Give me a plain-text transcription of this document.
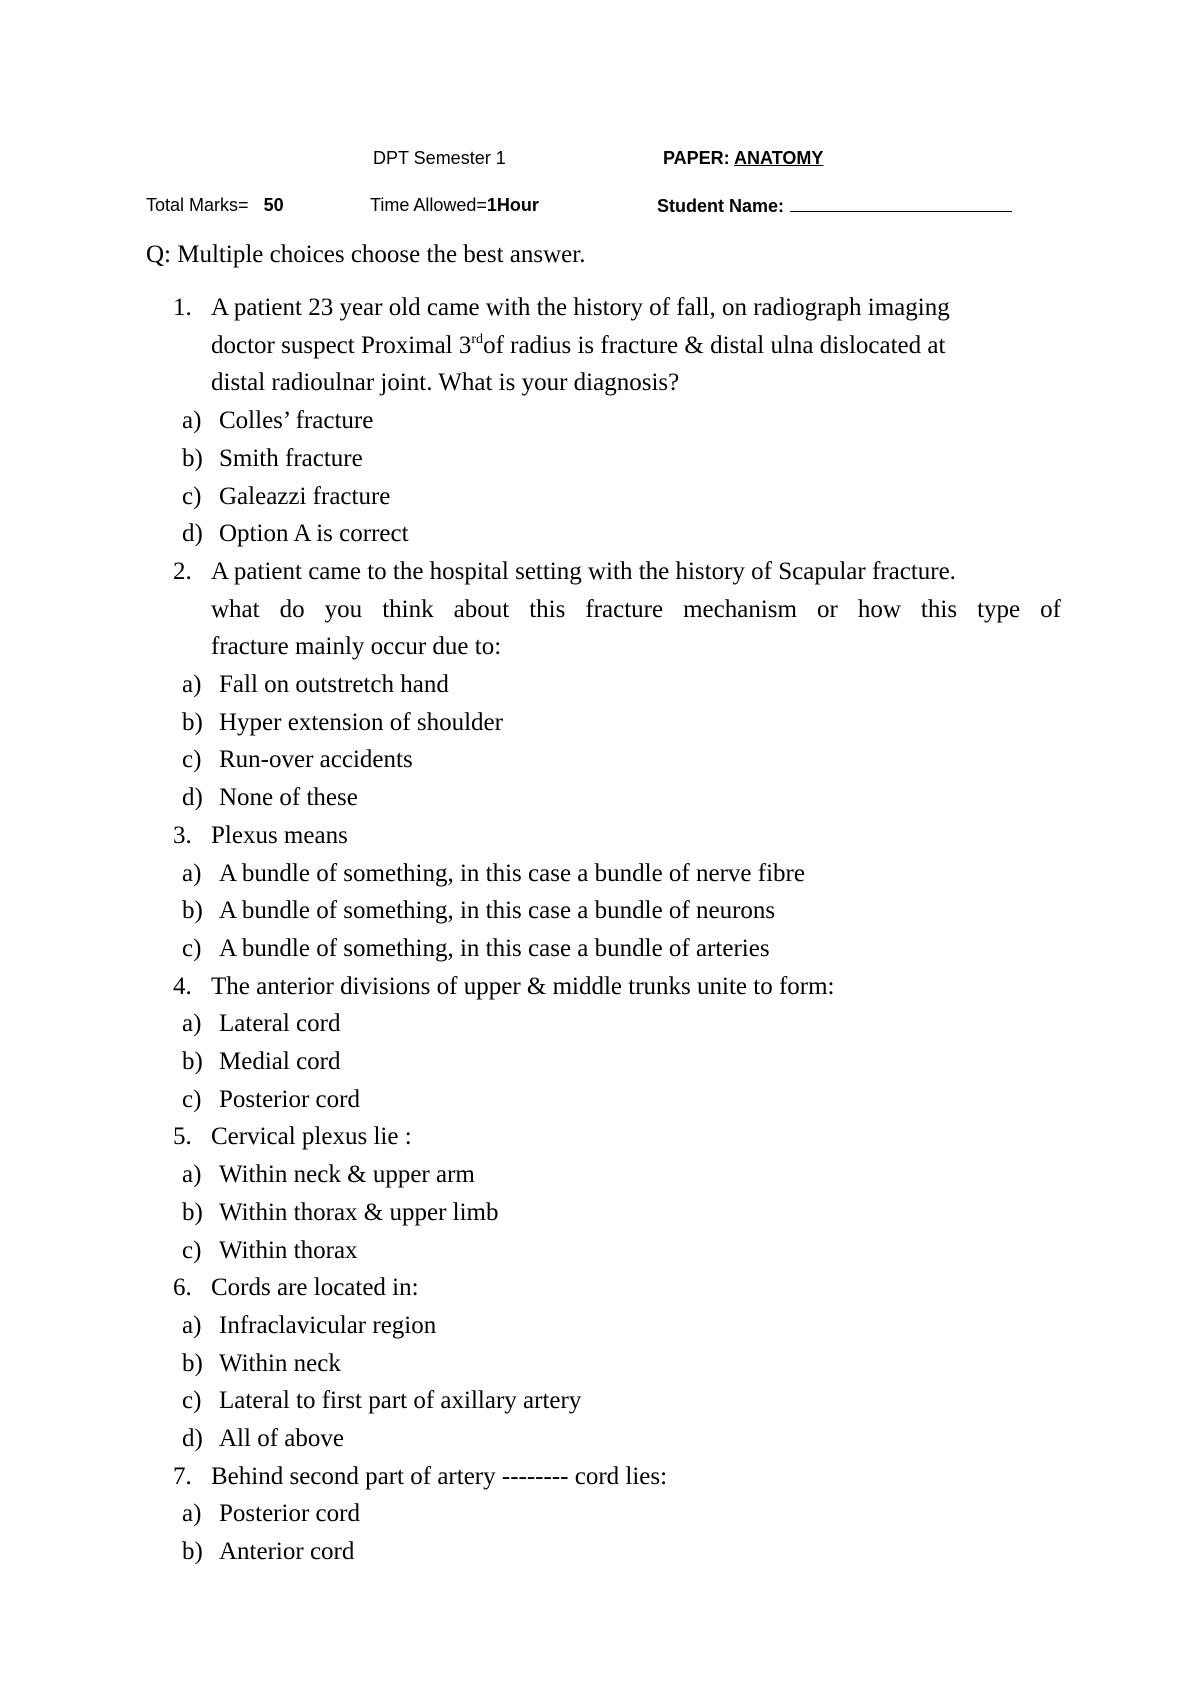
DPT Semester 1	PAPER: ANATOMY
Total Marks= 50	Time Allowed=1Hour	Student Name:
Q: Multiple choices choose the best answer.
1. A patient 23 year old came with the history of fall, on radiograph imaging
doctor suspect Proximal 3rdof radius is fracture & distal ulna dislocated at
distal radioulnar joint. What is your diagnosis?
a) Colles’ fracture
b) Smith fracture
c) Galeazzi fracture
d) Option A is correct
2. A patient came to the hospital setting with the history of Scapular fracture.
what do you think about this fracture mechanism or how this type of
fracture mainly occur due to:
a) Fall on outstretch hand
b) Hyper extension of shoulder
c) Run-over accidents
d) None of these
3. Plexus means
a) A bundle of something, in this case a bundle of nerve fibre
b) A bundle of something, in this case a bundle of neurons
c) A bundle of something, in this case a bundle of arteries
4. The anterior divisions of upper & middle trunks unite to form:
a) Lateral cord
b) Medial cord
c) Posterior cord
5. Cervical plexus lie :
a) Within neck & upper arm
b) Within thorax & upper limb
c) Within thorax
6. Cords are located in:
a) Infraclavicular region
b) Within neck
c) Lateral to first part of axillary artery
d) All of above
7. Behind second part of artery -------- cord lies:
a) Posterior cord
b) Anterior cord
